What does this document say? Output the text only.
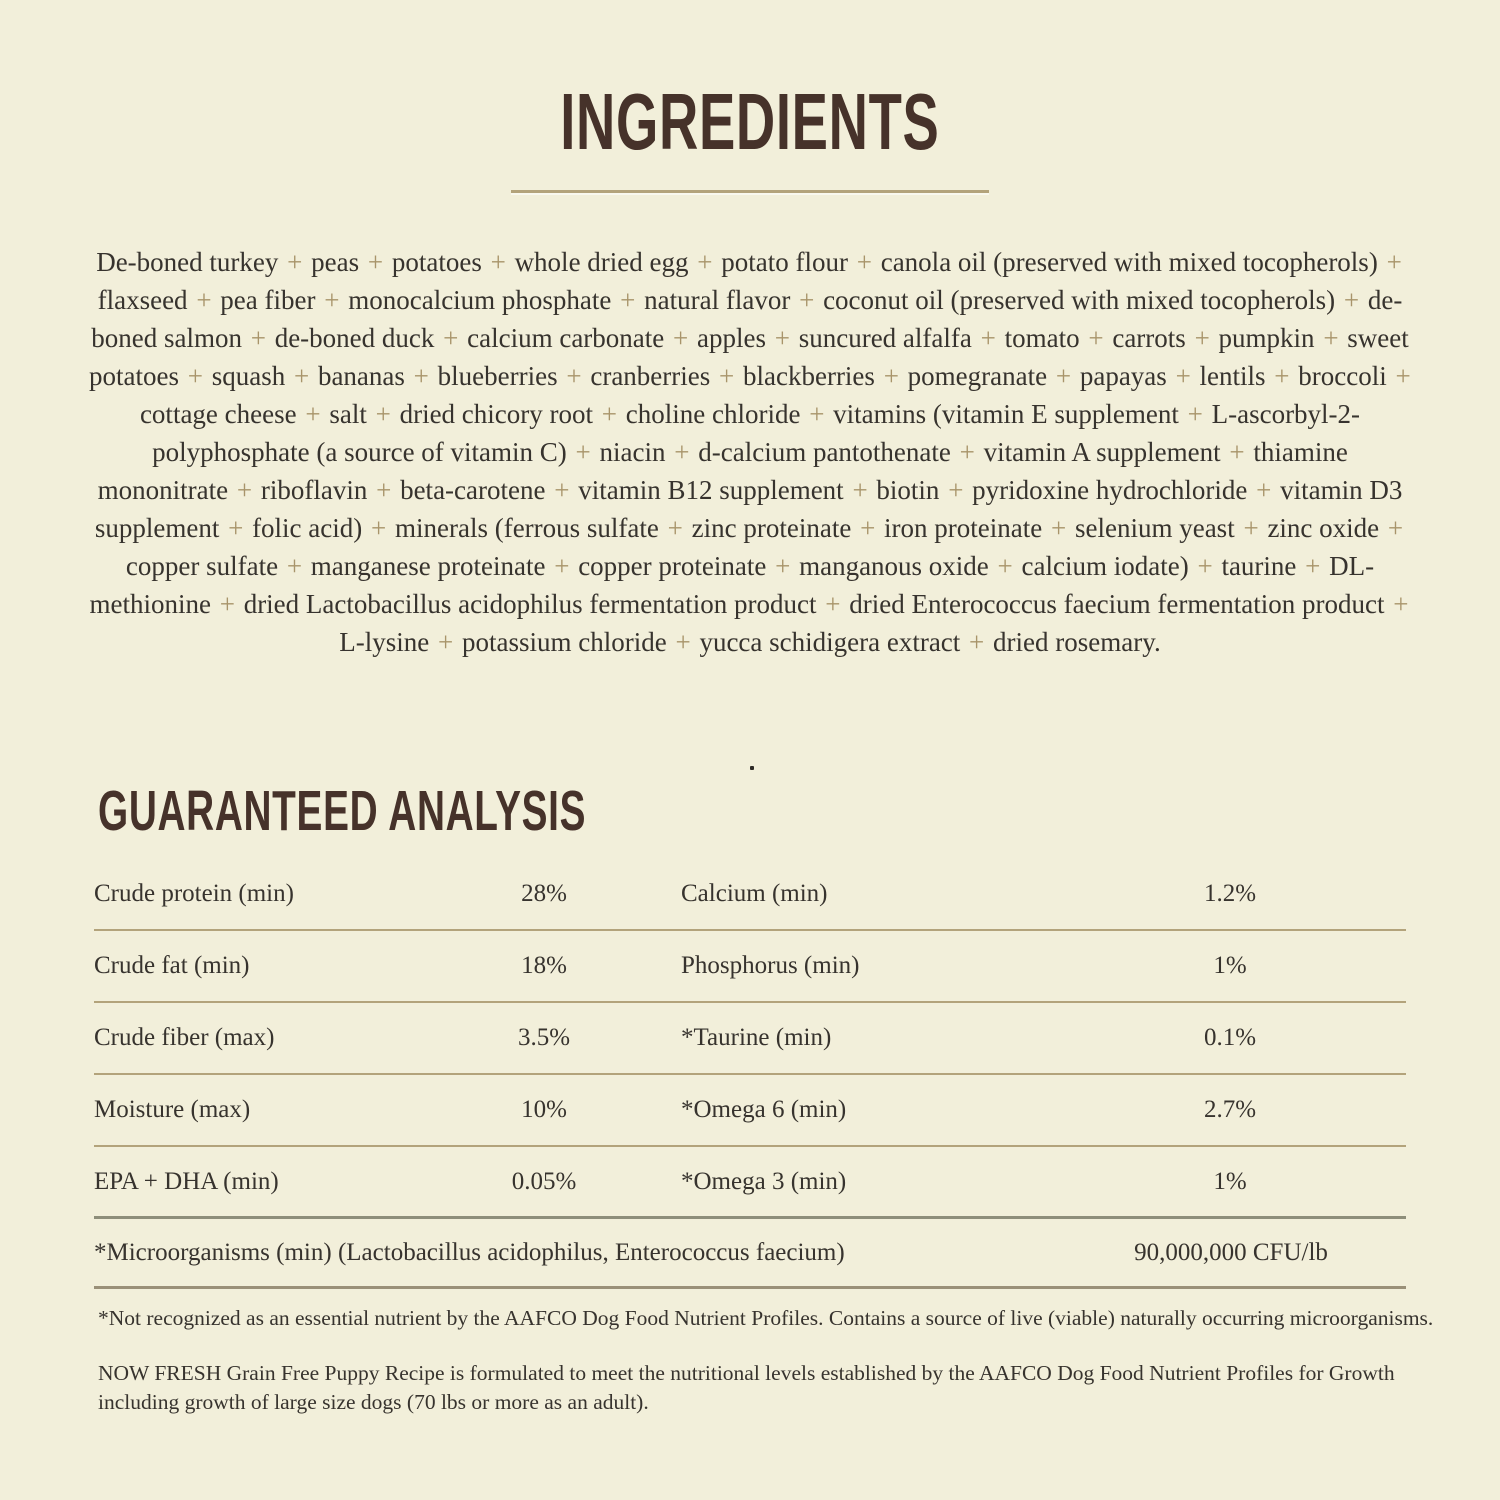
INGREDIENTS

De-boned turkey + peas + potatoes + whole dried egg + potato flour + canola oil (preserved with mixed tocopherols) + flaxseed + pea fiber + monocalcium phosphate + natural flavor + coconut oil (preserved with mixed tocopherols) + de-boned salmon + de-boned duck + calcium carbonate + apples + suncured alfalfa + tomato + carrots + pumpkin + sweet potatoes + squash + bananas + blueberries + cranberries + blackberries + pomegranate + papayas + lentils + broccoli + cottage cheese + salt + dried chicory root + choline chloride + vitamins (vitamin E supplement + L-ascorbyl-2-polyphosphate (a source of vitamin C) + niacin + d-calcium pantothenate + vitamin A supplement + thiamine mononitrate + riboflavin + beta-carotene + vitamin B12 supplement + biotin + pyridoxine hydrochloride + vitamin D3 supplement + folic acid) + minerals (ferrous sulfate + zinc proteinate + iron proteinate + selenium yeast + zinc oxide + copper sulfate + manganese proteinate + copper proteinate + manganous oxide + calcium iodate) + taurine + DL-methionine + dried Lactobacillus acidophilus fermentation product + dried Enterococcus faecium fermentation product + L-lysine + potassium chloride + yucca schidigera extract + dried rosemary.

GUARANTEED ANALYSIS
Crude protein (min)	28%	Calcium (min)	1.2%
Crude fat (min)	18%	Phosphorus (min)	1%
Crude fiber (max)	3.5%	*Taurine (min)	0.1%
Moisture (max)	10%	*Omega 6 (min)	2.7%
EPA + DHA (min)	0.05%	*Omega 3 (min)	1%
*Microorganisms (min) (Lactobacillus acidophilus, Enterococcus faecium)	90,000,000 CFU/lb

*Not recognized as an essential nutrient by the AAFCO Dog Food Nutrient Profiles. Contains a source of live (viable) naturally occurring microorganisms.

NOW FRESH Grain Free Puppy Recipe is formulated to meet the nutritional levels established by the AAFCO Dog Food Nutrient Profiles for Growth including growth of large size dogs (70 lbs or more as an adult).
